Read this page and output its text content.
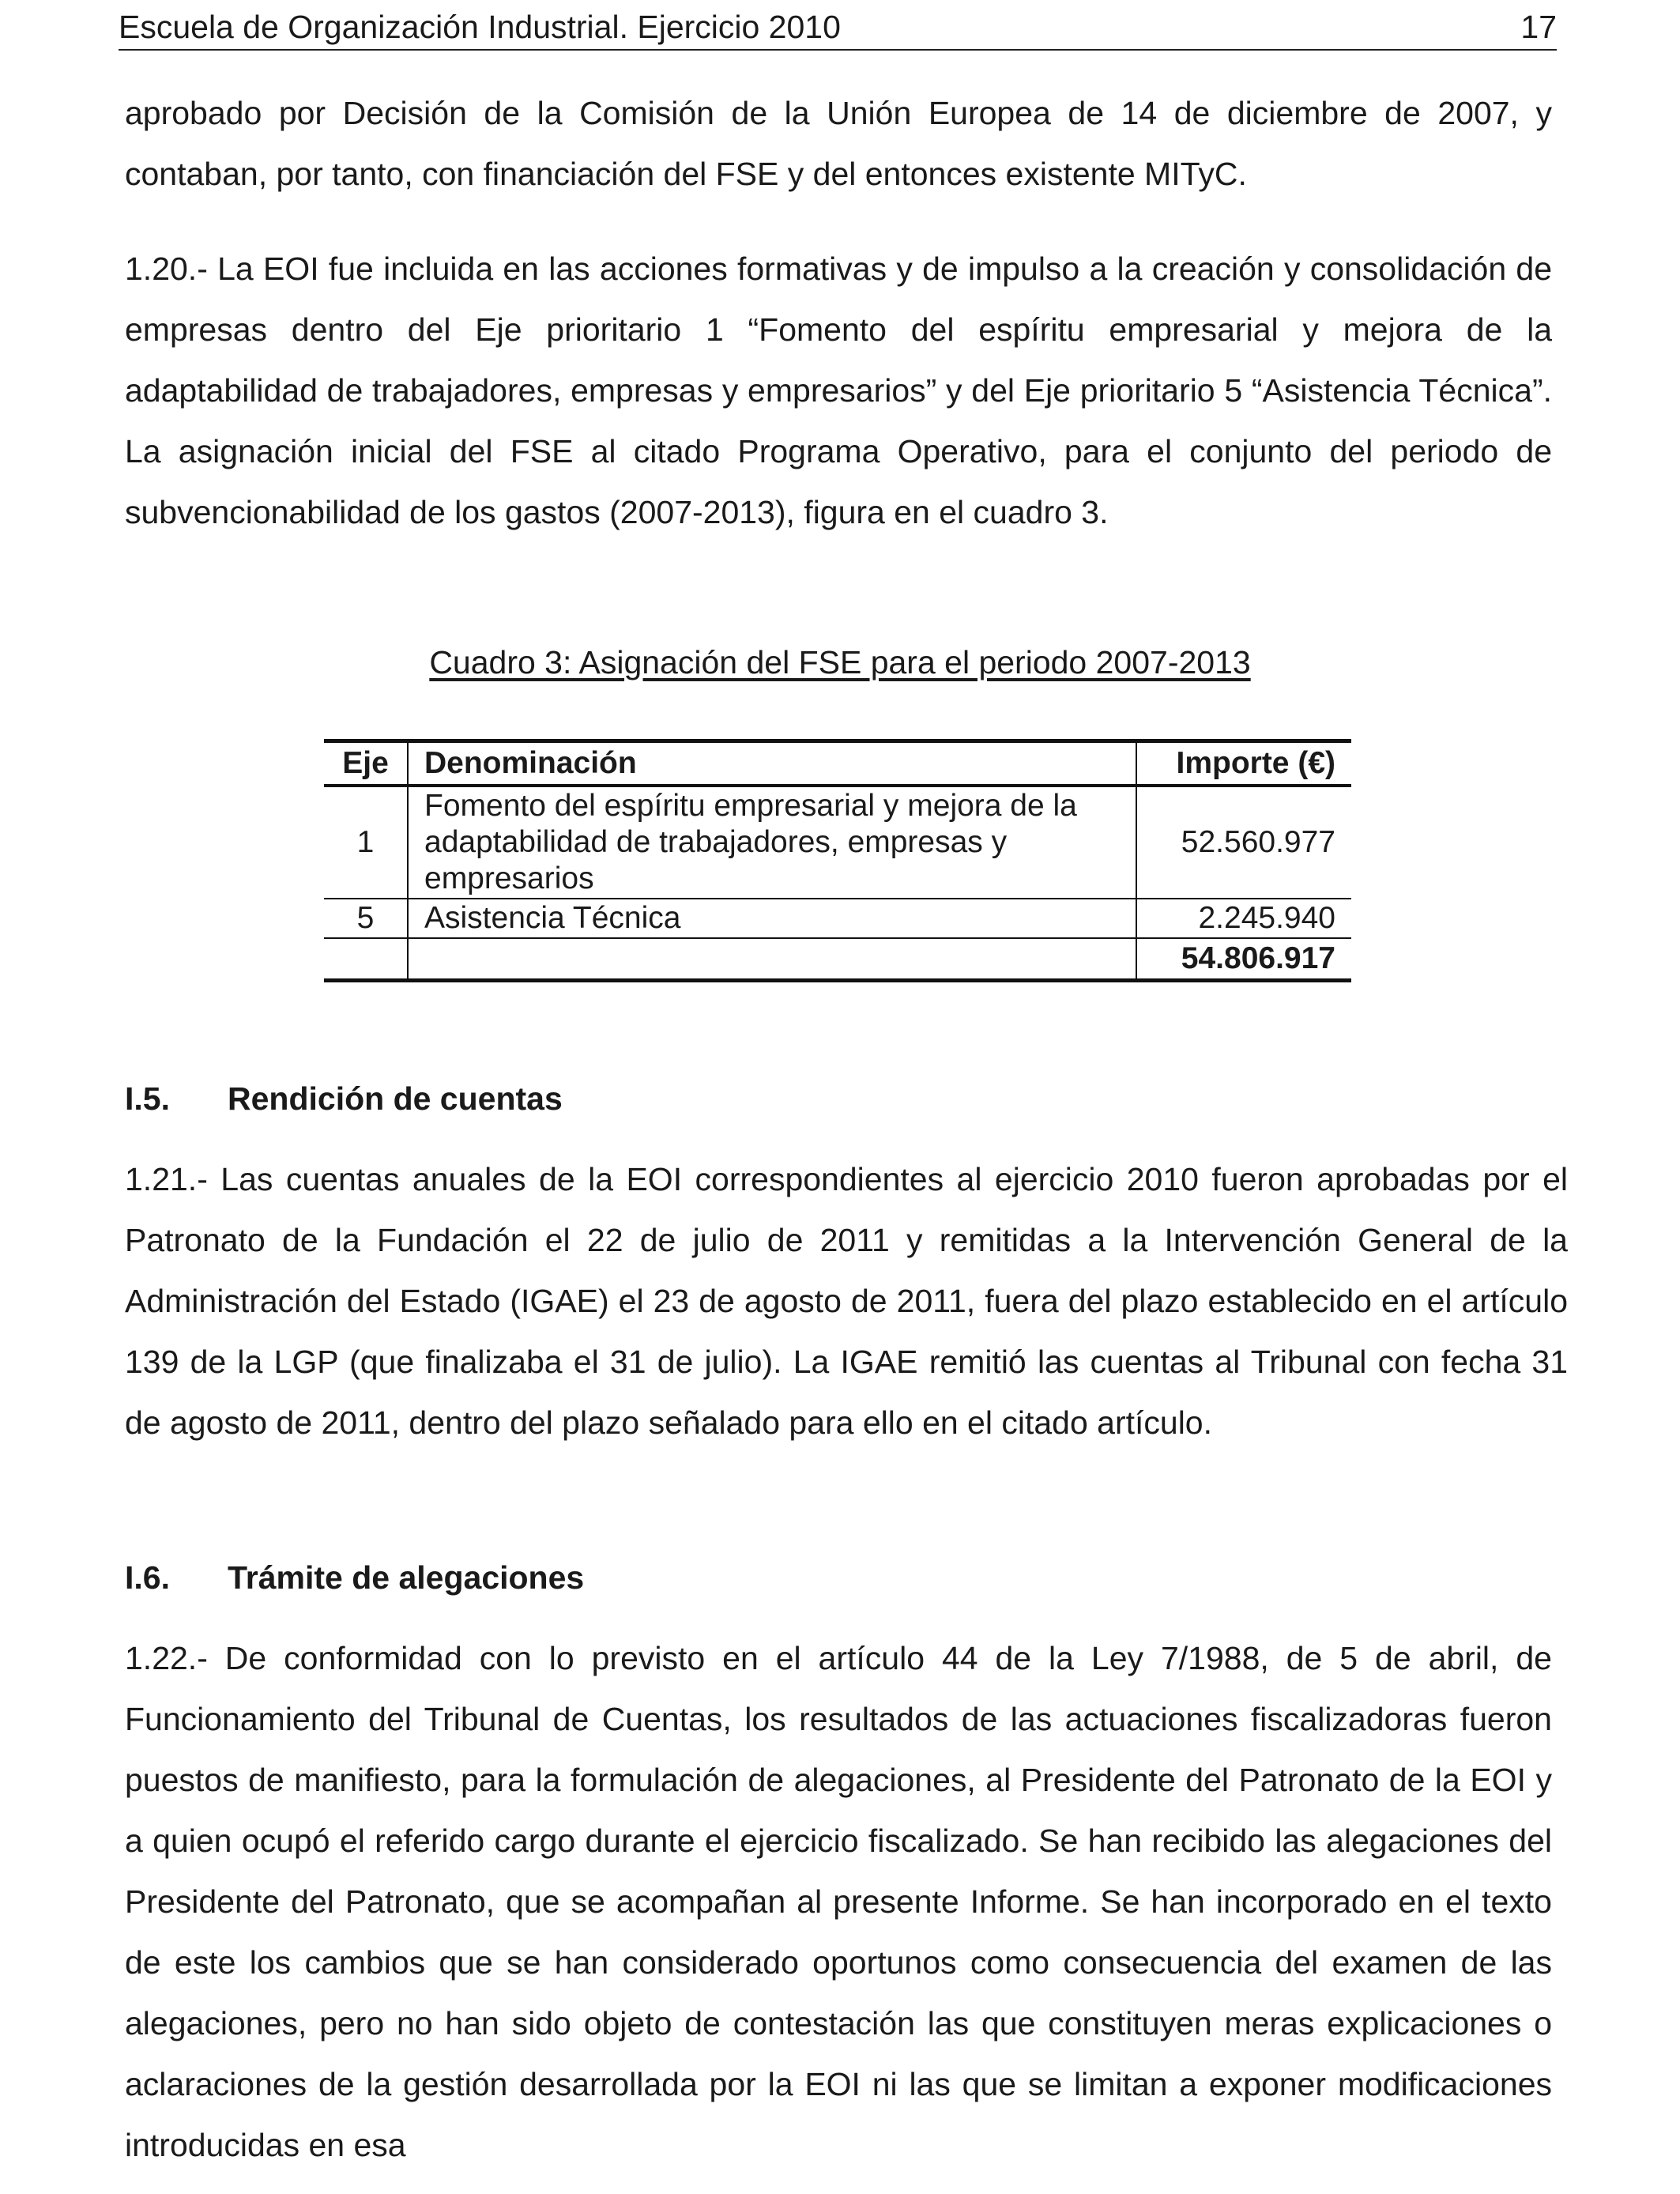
Escuela de Organización Industrial. Ejercicio 2010	17
aprobado por Decisión de la Comisión de la Unión Europea de 14 de diciembre de 2007, y contaban, por tanto, con financiación del FSE y del entonces existente MITyC.
1.20.- La EOI fue incluida en las acciones formativas y de impulso a la creación y consolidación de empresas dentro del Eje prioritario 1 “Fomento del espíritu empresarial y mejora de la adaptabilidad de trabajadores, empresas y empresarios” y del Eje prioritario 5 “Asistencia Técnica”. La asignación inicial del FSE al citado Programa Operativo, para el conjunto del periodo de subvencionabilidad de los gastos (2007-2013), figura en el cuadro 3.
Cuadro 3: Asignación del FSE para el periodo 2007-2013
Eje	Denominación	Importe (€)
1	Fomento del espíritu empresarial y mejora de la adaptabilidad de trabajadores, empresas y empresarios	52.560.977
5	Asistencia Técnica	2.245.940
		54.806.917
I.5. Rendición de cuentas
1.21.- Las cuentas anuales de la EOI correspondientes al ejercicio 2010 fueron aprobadas por el Patronato de la Fundación el 22 de julio de 2011 y remitidas a la Intervención General de la Administración del Estado (IGAE) el 23 de agosto de 2011, fuera del plazo establecido en el artículo 139 de la LGP (que finalizaba el 31 de julio). La IGAE remitió las cuentas al Tribunal con fecha 31 de agosto de 2011, dentro del plazo señalado para ello en el citado artículo.
I.6. Trámite de alegaciones
1.22.- De conformidad con lo previsto en el artículo 44 de la Ley 7/1988, de 5 de abril, de Funcionamiento del Tribunal de Cuentas, los resultados de las actuaciones fiscalizadoras fueron puestos de manifiesto, para la formulación de alegaciones, al Presidente del Patronato de la EOI y a quien ocupó el referido cargo durante el ejercicio fiscalizado. Se han recibido las alegaciones del Presidente del Patronato, que se acompañan al presente Informe. Se han incorporado en el texto de este los cambios que se han considerado oportunos como consecuencia del examen de las alegaciones, pero no han sido objeto de contestación las que constituyen meras explicaciones o aclaraciones de la gestión desarrollada por la EOI ni las que se limitan a exponer modificaciones introducidas en esa
